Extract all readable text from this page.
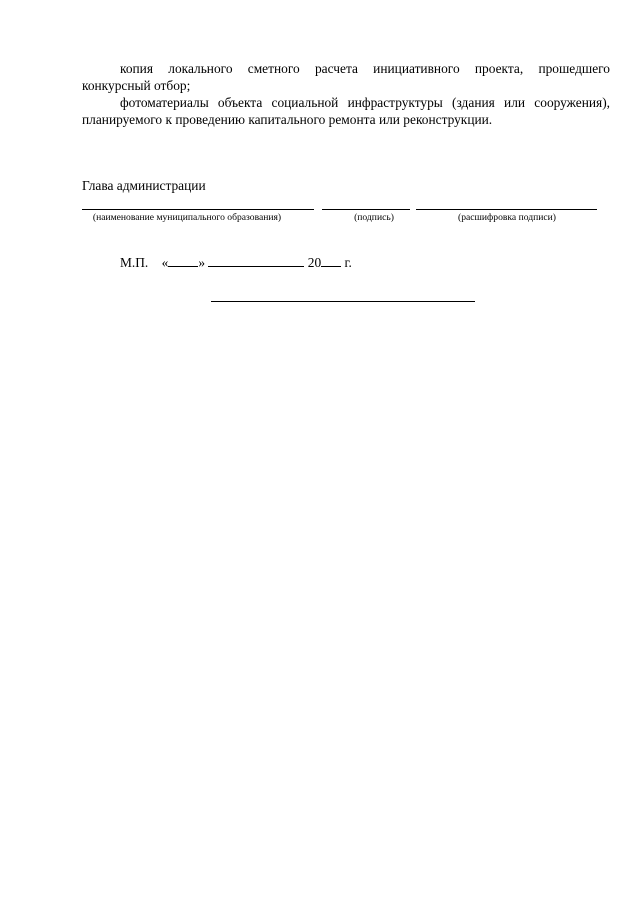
копия локального сметного расчета инициативного проекта, прошедшего конкурсный отбор;

фотоматериалы объекта социальной инфраструктуры (здания или сооружения), планируемого к проведению капитального ремонта или реконструкции.

Глава администрации
(наименование муниципального образования)	(подпись)	(расшифровка подписи)
М.П. « »	20 г.
